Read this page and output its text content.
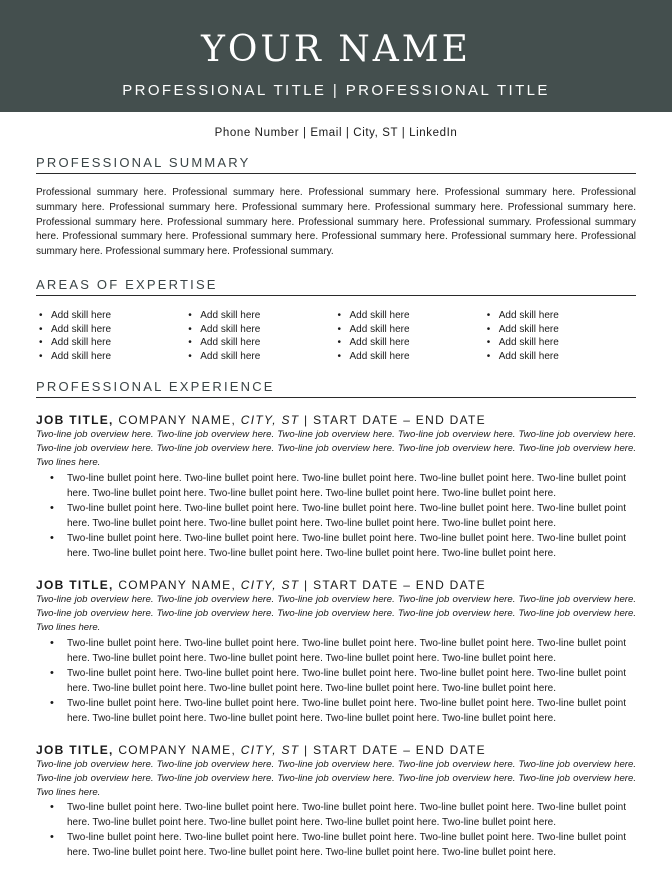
YOUR NAME
PROFESSIONAL TITLE | PROFESSIONAL TITLE
Phone Number | Email | City, ST | LinkedIn
PROFESSIONAL SUMMARY
Professional summary here. Professional summary here. Professional summary here. Professional summary here. Professional summary here. Professional summary here. Professional summary here. Professional summary here. Professional summary here. Professional summary here. Professional summary here. Professional summary here. Professional summary. Professional summary here. Professional summary here. Professional summary here. Professional summary here. Professional summary here. Professional summary here. Professional summary here. Professional summary.
AREAS OF EXPERTISE
• Add skill here
• Add skill here
• Add skill here
• Add skill here
• Add skill here
• Add skill here
• Add skill here
• Add skill here
• Add skill here
• Add skill here
• Add skill here
• Add skill here
• Add skill here
• Add skill here
• Add skill here
• Add skill here
PROFESSIONAL EXPERIENCE
JOB TITLE, COMPANY NAME, CITY, ST | START DATE – END DATE
Two-line job overview here. Two-line job overview here. Two-line job overview here. Two-line job overview here. Two-line job overview here. Two-line job overview here. Two-line job overview here. Two-line job overview here. Two-line job overview here. Two-line job overview here. Two lines here.
• Two-line bullet point here. Two-line bullet point here. Two-line bullet point here. Two-line bullet point here. Two-line bullet point here. Two-line bullet point here. Two-line bullet point here. Two-line bullet point here. Two-line bullet point here.
• Two-line bullet point here. Two-line bullet point here. Two-line bullet point here. Two-line bullet point here. Two-line bullet point here. Two-line bullet point here. Two-line bullet point here. Two-line bullet point here. Two-line bullet point here.
• Two-line bullet point here. Two-line bullet point here. Two-line bullet point here. Two-line bullet point here. Two-line bullet point here. Two-line bullet point here. Two-line bullet point here. Two-line bullet point here. Two-line bullet point here.
JOB TITLE, COMPANY NAME, CITY, ST | START DATE – END DATE
Two-line job overview here. Two-line job overview here. Two-line job overview here. Two-line job overview here. Two-line job overview here. Two-line job overview here. Two-line job overview here. Two-line job overview here. Two-line job overview here. Two-line job overview here. Two lines here.
• Two-line bullet point here. Two-line bullet point here. Two-line bullet point here. Two-line bullet point here. Two-line bullet point here. Two-line bullet point here. Two-line bullet point here. Two-line bullet point here. Two-line bullet point here.
• Two-line bullet point here. Two-line bullet point here. Two-line bullet point here. Two-line bullet point here. Two-line bullet point here. Two-line bullet point here. Two-line bullet point here. Two-line bullet point here. Two-line bullet point here.
• Two-line bullet point here. Two-line bullet point here. Two-line bullet point here. Two-line bullet point here. Two-line bullet point here. Two-line bullet point here. Two-line bullet point here. Two-line bullet point here. Two-line bullet point here.
JOB TITLE, COMPANY NAME, CITY, ST | START DATE – END DATE
Two-line job overview here. Two-line job overview here. Two-line job overview here. Two-line job overview here. Two-line job overview here. Two-line job overview here. Two-line job overview here. Two-line job overview here. Two-line job overview here. Two-line job overview here. Two lines here.
• Two-line bullet point here. Two-line bullet point here. Two-line bullet point here. Two-line bullet point here. Two-line bullet point here. Two-line bullet point here. Two-line bullet point here. Two-line bullet point here. Two-line bullet point here.
• Two-line bullet point here. Two-line bullet point here. Two-line bullet point here. Two-line bullet point here. Two-line bullet point here. Two-line bullet point here. Two-line bullet point here. Two-line bullet point here. Two-line bullet point here.
